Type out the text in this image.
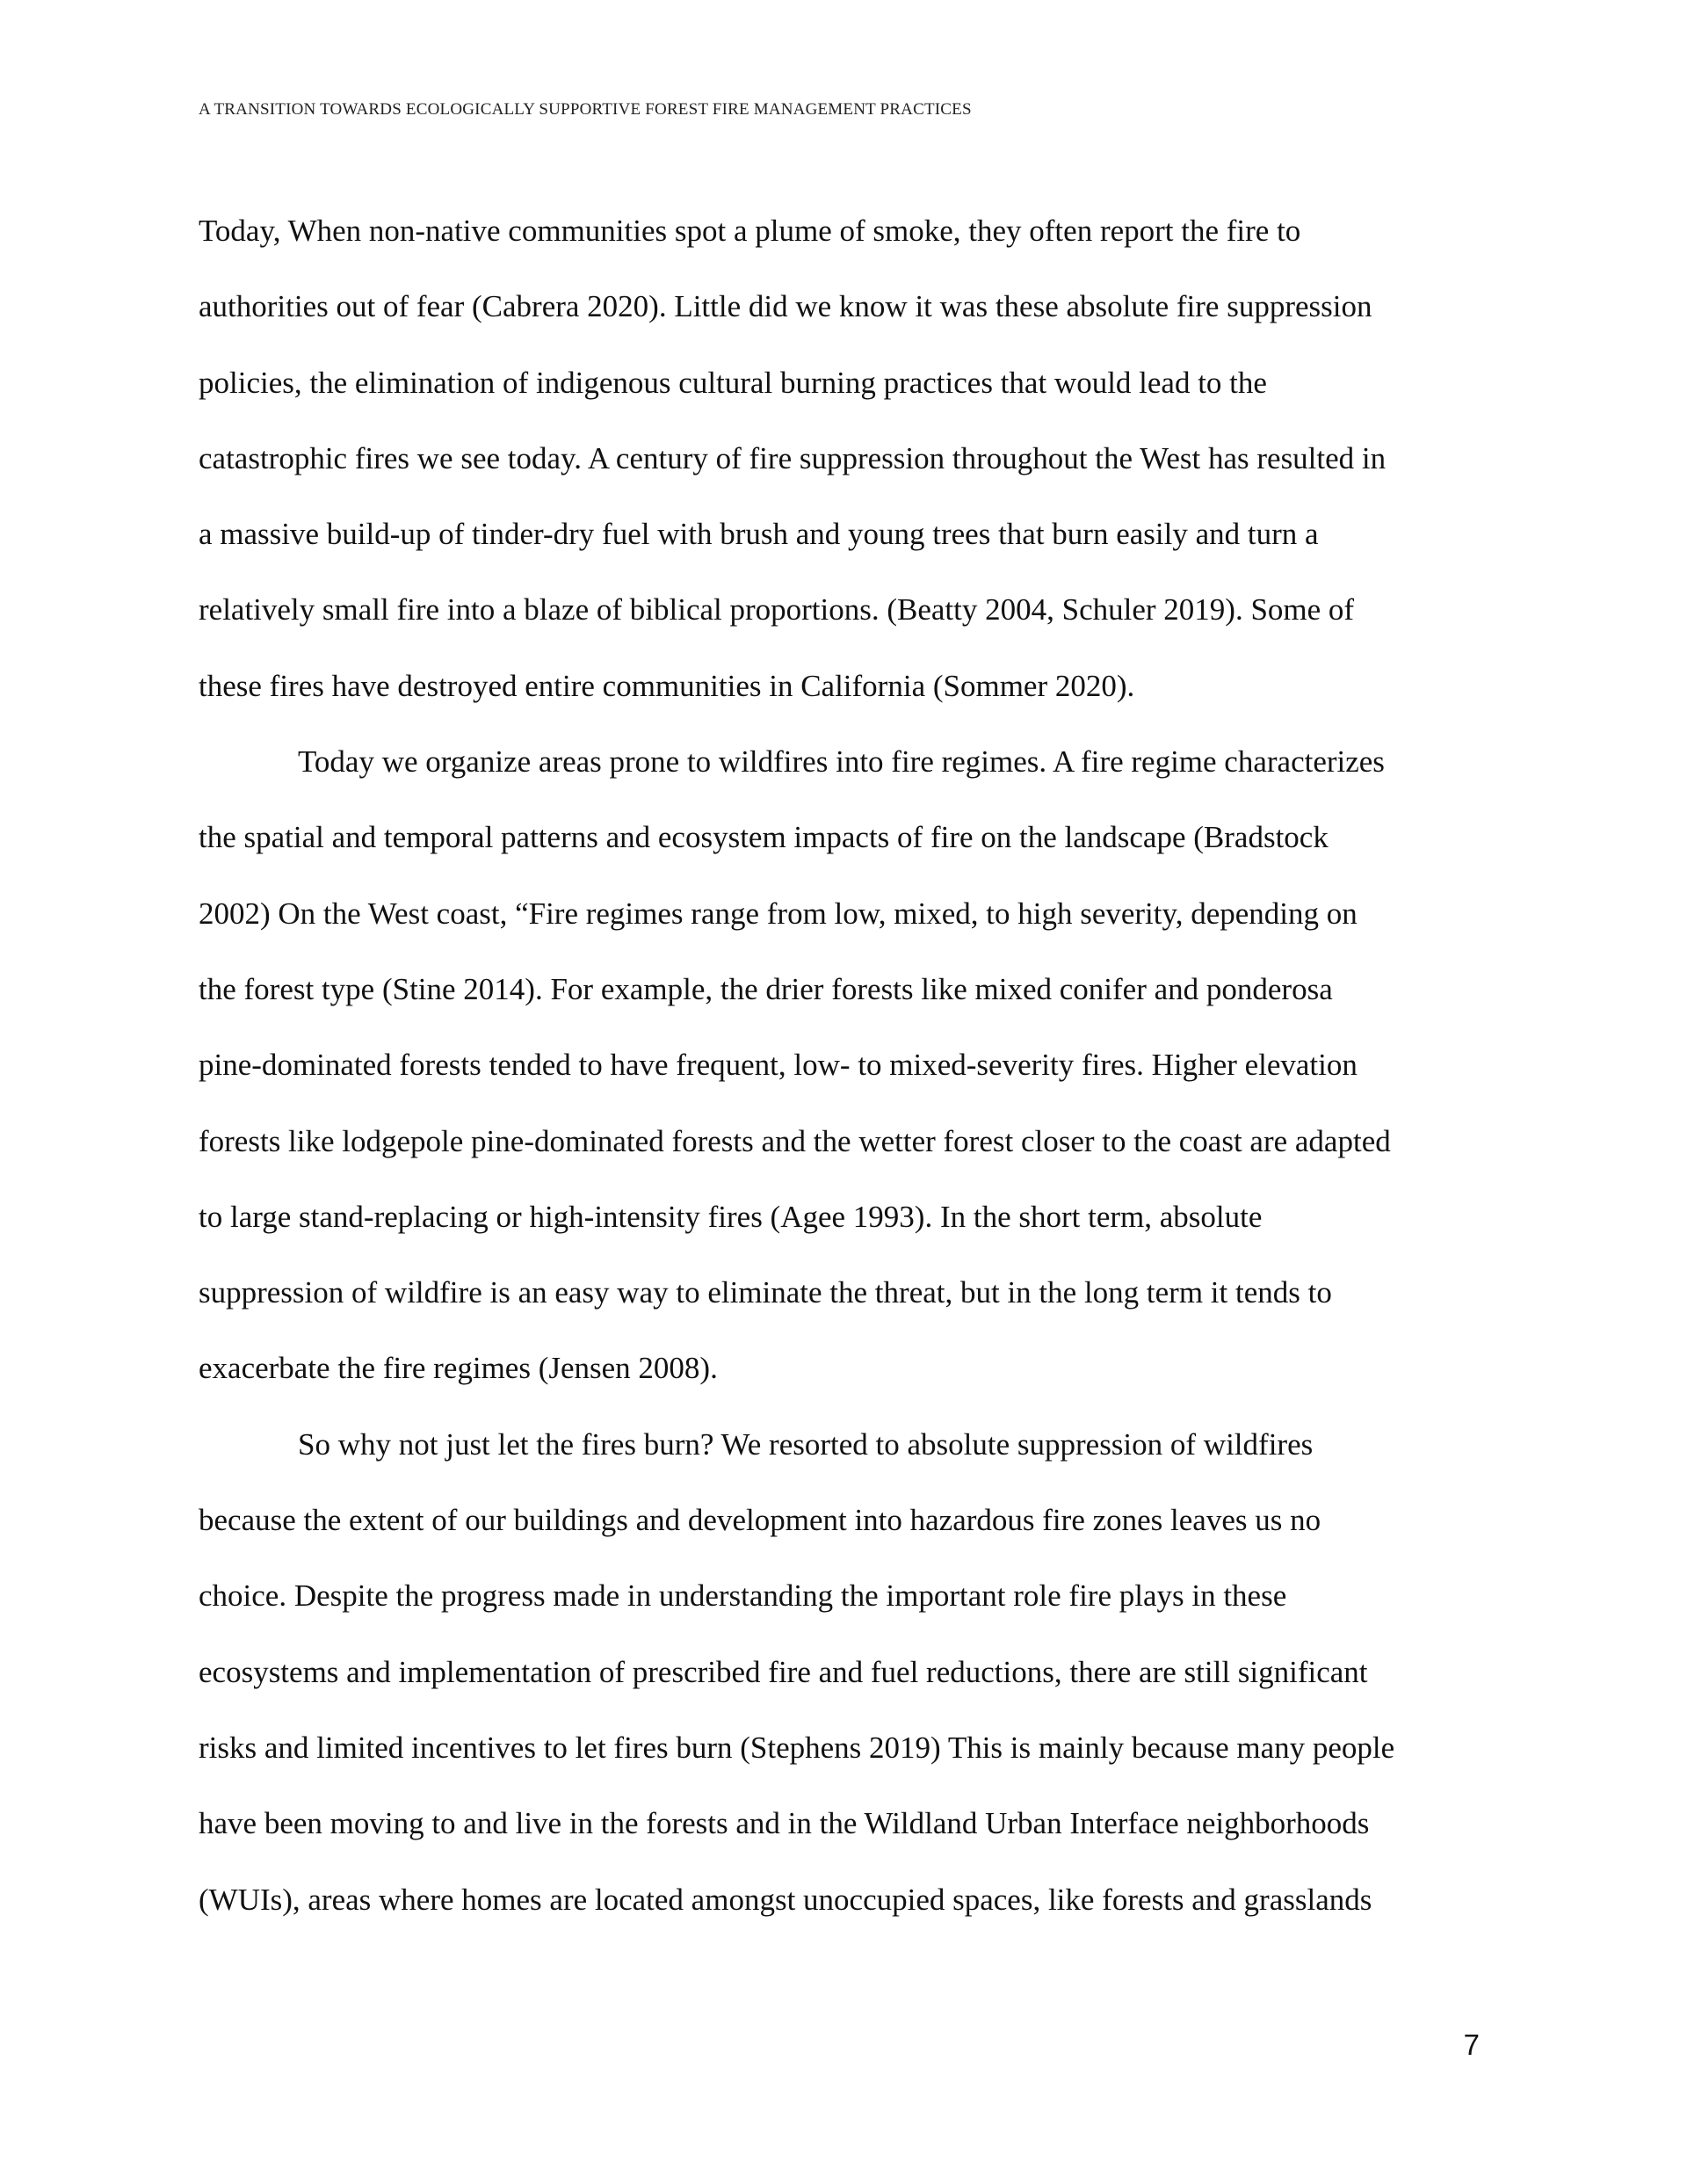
A TRANSITION TOWARDS ECOLOGICALLY SUPPORTIVE FOREST FIRE MANAGEMENT PRACTICES
Today, When non-native communities spot a plume of smoke, they often report the fire to
authorities out of fear (Cabrera 2020). Little did we know it was these absolute fire suppression
policies, the elimination of indigenous cultural burning practices that would lead to the
catastrophic fires we see today. A century of fire suppression throughout the West has resulted in
a massive build-up of tinder-dry fuel with brush and young trees that burn easily and turn a
relatively small fire into a blaze of biblical proportions. (Beatty 2004, Schuler 2019). Some of
these fires have destroyed entire communities in California (Sommer 2020).
Today we organize areas prone to wildfires into fire regimes. A fire regime characterizes
the spatial and temporal patterns and ecosystem impacts of fire on the landscape (Bradstock
2002) On the West coast, “Fire regimes range from low, mixed, to high severity, depending on
the forest type (Stine 2014). For example, the drier forests like mixed conifer and ponderosa
pine-dominated forests tended to have frequent, low- to mixed-severity fires. Higher elevation
forests like lodgepole pine-dominated forests and the wetter forest closer to the coast are adapted
to large stand-replacing or high-intensity fires (Agee 1993). In the short term, absolute
suppression of wildfire is an easy way to eliminate the threat, but in the long term it tends to
exacerbate the fire regimes (Jensen 2008).
So why not just let the fires burn? We resorted to absolute suppression of wildfires
because the extent of our buildings and development into hazardous fire zones leaves us no
choice. Despite the progress made in understanding the important role fire plays in these
ecosystems and implementation of prescribed fire and fuel reductions, there are still significant
risks and limited incentives to let fires burn (Stephens 2019) This is mainly because many people
have been moving to and live in the forests and in the Wildland Urban Interface neighborhoods
(WUIs), areas where homes are located amongst unoccupied spaces, like forests and grasslands
7
